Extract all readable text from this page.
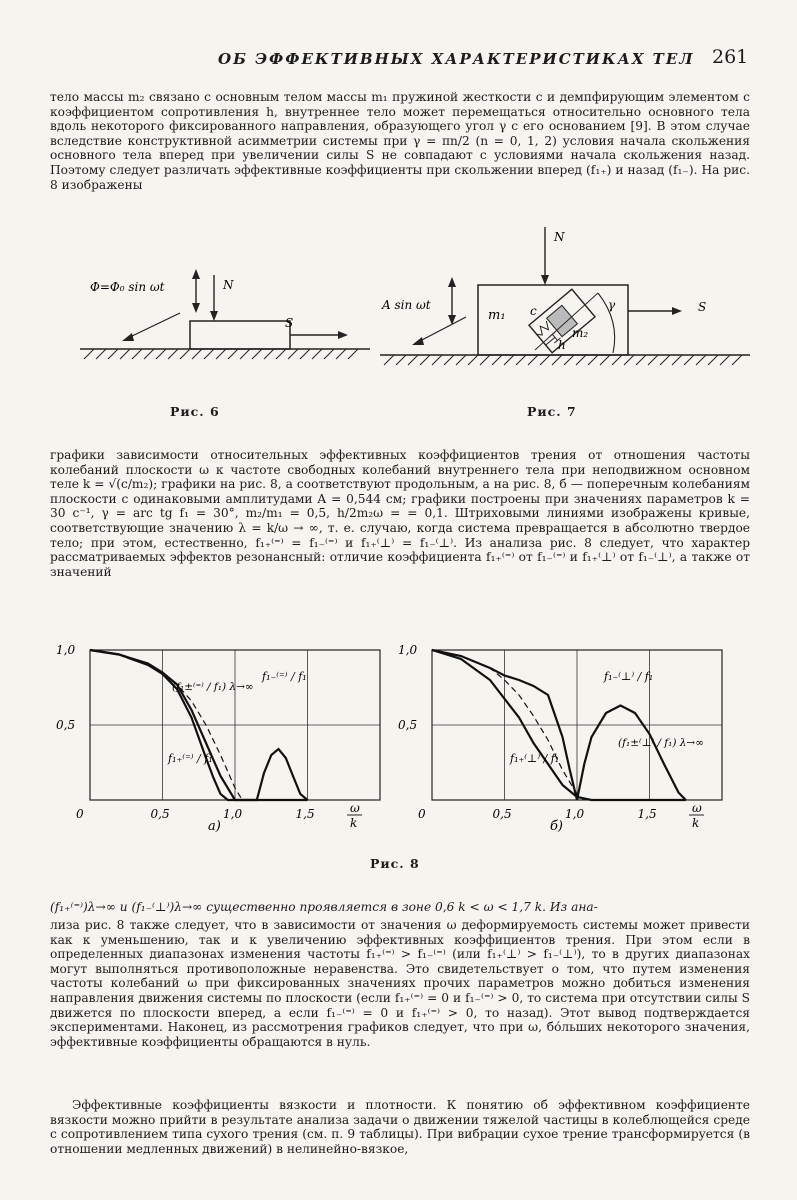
ОБ ЭФФЕКТИВНЫХ ХАРАКТЕРИСТИКАХ ТЕЛ 261

тело массы m₂ связано с основным телом массы m₁ пружиной жесткости c и демпфирующим элементом с коэффициентом сопротивления h, внутреннее тело может перемещаться относительно основного тела вдоль некоторого фиксированного направления, образующего угол γ с его основанием [9]. В этом случае вследствие конструктивной асимметрии системы при γ = πn/2 (n = 0, 1, 2) условия начала скольжения основного тела вперед при увеличении силы S не совпадают с условиями начала скольжения назад. Поэтому следует различать эффективные коэффициенты при скольжении вперед (f₁₊) и назад (f₁₋). На рис. 8 изображены

Φ=Φ₀ sin ωt	N
S
Рис. 6
N
A sin ωt
m₁ c
m₂
h
γ	S
Рис. 7

графики зависимости относительных эффективных коэффициентов трения от отношения частоты колебаний плоскости ω к частоте свободных колебаний внутреннего тела при неподвижном основном теле k = √(c/m₂); графики на рис. 8, а соответствуют продольным, а на рис. 8, б — поперечным колебаниям плоскости с одинаковыми амплитудами A = 0,544 см; графики построены при значениях параметров k = 30 с⁻¹, γ = arc tg f₁ = 30°, m₂/m₁ = 0,5, h/2m₂ω = = 0,1. Штриховыми линиями изображены кривые, соответствующие значению λ = k/ω → ∞, т. е. случаю, когда система превращается в абсолютно твердое тело; при этом, естественно, f₁₊⁽⁼⁾ = f₁₋⁽⁼⁾ и f₁₊⁽⊥⁾ = f₁₋⁽⊥⁾. Из анализа рис. 8 следует, что характер рассматриваемых эффектов резонансный: отличие коэффициента f₁₊⁽⁼⁾ от f₁₋⁽⁼⁾ и f₁₊⁽⊥⁾ от f₁₋⁽⊥⁾, а также от значений

0	0,5	1,0	1,5
1,0
0,5
ω
k
а)
f₁₋⁽⁼⁾ / f₁
f₁₊⁽⁼⁾ / f₁
(f₁±⁽⁼⁾ / f₁) λ→∞
0	0,5	1,0	1,5
1,0
0,5
ω
k
б)
f₁₋⁽⊥⁾ / f₁
f₁₊⁽⊥⁾ / f₁
(f₁±⁽⊥⁾ / f₁) λ→∞
Рис. 8
(f₁₊⁽⁼⁾)λ→∞ и (f₁₋⁽⊥⁾)λ→∞ существенно проявляется в зоне 0,6 k < ω < 1,7 k. Из ана-

лиза рис. 8 также следует, что в зависимости от значения ω деформируемость системы может привести как к уменьшению, так и к увеличению эффективных коэффициентов трения. При этом если в определенных диапазонах изменения частоты f₁₊⁽⁼⁾ > f₁₋⁽⁼⁾ (или f₁₊⁽⊥⁾ > f₁₋⁽⊥⁾), то в других диапазонах могут выполняться противоположные неравенства. Это свидетельствует о том, что путем изменения частоты колебаний ω при фиксированных значениях прочих параметров можно добиться изменения направления движения системы по плоскости (если f₁₊⁽⁼⁾ = 0 и f₁₋⁽⁼⁾ > 0, то система при отсутствии силы S движется по плоскости вперед, а если f₁₋⁽⁼⁾ = 0 и f₁₊⁽⁼⁾ > 0, то назад). Этот вывод подтверждается экспериментами. Наконец, из рассмотрения графиков следует, что при ω, бо́льших некоторого значения, эффективные коэффициенты обращаются в нуль.

Эффективные коэффициенты вязкости и плотности. К понятию об эффективном коэффициенте вязкости можно прийти в результате анализа задачи о движении тяжелой частицы в колеблющейся среде с сопротивлением типа сухого трения (см. п. 9 таблицы). При вибрации сухое трение трансформируется (в отношении медленных движений) в нелинейно-вязкое,
